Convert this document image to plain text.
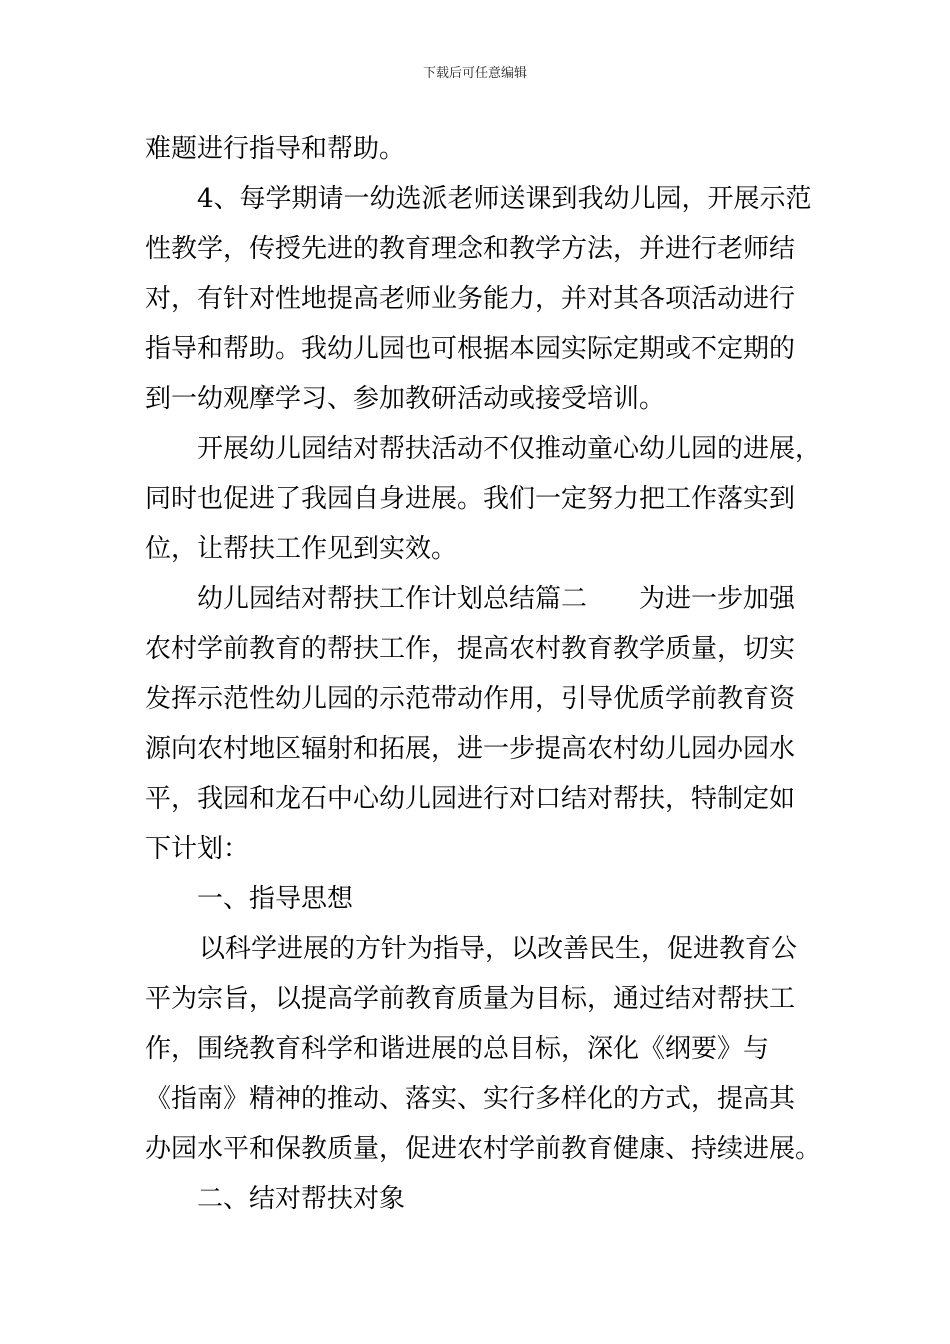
下载后可任意编辑
难题进行指导和帮助。
4、每学期请一幼选派老师送课到我幼儿园，开展示范
性教学，传授先进的教育理念和教学方法，并进行老师结
对，有针对性地提高老师业务能力，并对其各项活动进行
指导和帮助。我幼儿园也可根据本园实际定期或不定期的
到一幼观摩学习、参加教研活动或接受培训。
开展幼儿园结对帮扶活动不仅推动童心幼儿园的进展，
同时也促进了我园自身进展。我们一定努力把工作落实到
位，让帮扶工作见到实效。
幼儿园结对帮扶工作计划总结篇二 为进一步加强
农村学前教育的帮扶工作，提高农村教育教学质量，切实
发挥示范性幼儿园的示范带动作用，引导优质学前教育资
源向农村地区辐射和拓展，进一步提高农村幼儿园办园水
平，我园和龙石中心幼儿园进行对口结对帮扶，特制定如
下计划：
一、指导思想
以科学进展的方针为指导，以改善民生，促进教育公
平为宗旨，以提高学前教育质量为目标，通过结对帮扶工
作，围绕教育科学和谐进展的总目标，深化《纲要》与
《指南》精神的推动、落实、实行多样化的方式，提高其
办园水平和保教质量，促进农村学前教育健康、持续进展。
二、结对帮扶对象
